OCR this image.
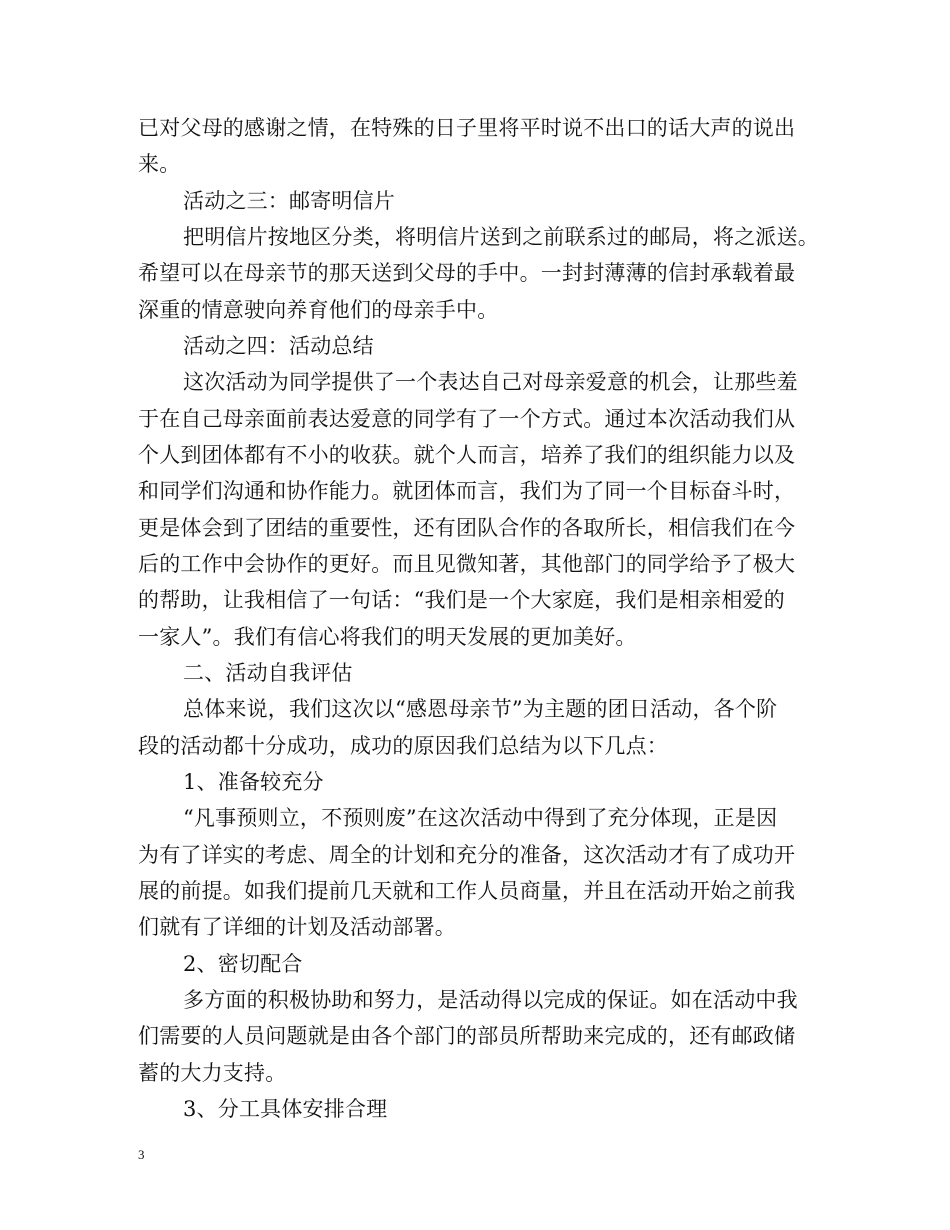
已对父母的感谢之情，在特殊的日子里将平时说不出口的话大声的说出
来。
活动之三：邮寄明信片
把明信片按地区分类，将明信片送到之前联系过的邮局，将之派送。
希望可以在母亲节的那天送到父母的手中。一封封薄薄的信封承载着最
深重的情意驶向养育他们的母亲手中。
活动之四：活动总结
这次活动为同学提供了一个表达自己对母亲爱意的机会，让那些羞
于在自己母亲面前表达爱意的同学有了一个方式。通过本次活动我们从
个人到团体都有不小的收获。就个人而言，培养了我们的组织能力以及
和同学们沟通和协作能力。就团体而言，我们为了同一个目标奋斗时，
更是体会到了团结的重要性，还有团队合作的各取所长，相信我们在今
后的工作中会协作的更好。而且见微知著，其他部门的同学给予了极大
的帮助，让我相信了一句话：“我们是一个大家庭，我们是相亲相爱的
一家人”。我们有信心将我们的明天发展的更加美好。
二、活动自我评估
总体来说，我们这次以“感恩母亲节”为主题的团日活动，各个阶
段的活动都十分成功，成功的原因我们总结为以下几点：
1、准备较充分
“凡事预则立，不预则废”在这次活动中得到了充分体现，正是因
为有了详实的考虑、周全的计划和充分的准备，这次活动才有了成功开
展的前提。如我们提前几天就和工作人员商量，并且在活动开始之前我
们就有了详细的计划及活动部署。
2、密切配合
多方面的积极协助和努力，是活动得以完成的保证。如在活动中我
们需要的人员问题就是由各个部门的部员所帮助来完成的，还有邮政储
蓄的大力支持。
3、分工具体安排合理
3
